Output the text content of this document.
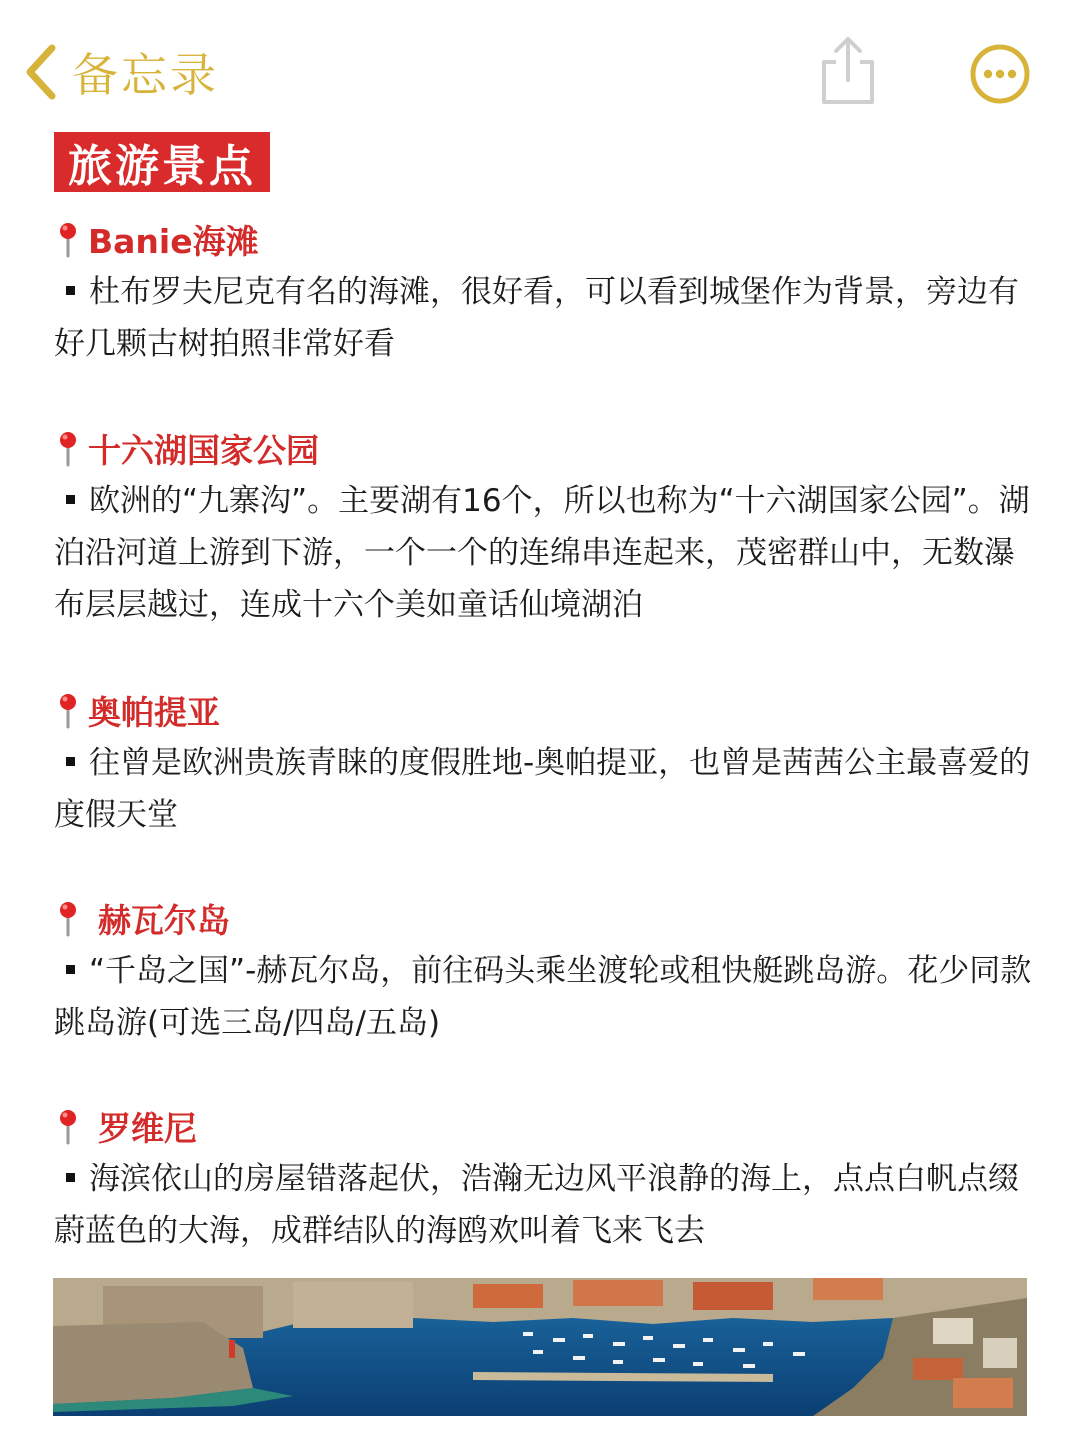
备忘录
旅游景点
Banie海滩
杜布罗夫尼克有名的海滩，很好看，可以看到城堡作为背景，旁边有好几颗古树拍照非常好看
十六湖国家公园
欧洲的“九寨沟”。主要湖有16个，所以也称为“十六湖国家公园”。湖泊沿河道上游到下游，一个一个的连绵串连起来，茂密群山中，无数瀑布层层越过，连成十六个美如童话仙境湖泊
奥帕提亚
往曾是欧洲贵族青睐的度假胜地-奥帕提亚，也曾是茜茜公主最喜爱的度假天堂
赫瓦尔岛
“千岛之国”-赫瓦尔岛，前往码头乘坐渡轮或租快艇跳岛游。花少同款跳岛游(可选三岛/四岛/五岛)
罗维尼
海滨依山的房屋错落起伏，浩瀚无边风平浪静的海上，点点白帆点缀蔚蓝色的大海，成群结队的海鸥欢叫着飞来飞去
